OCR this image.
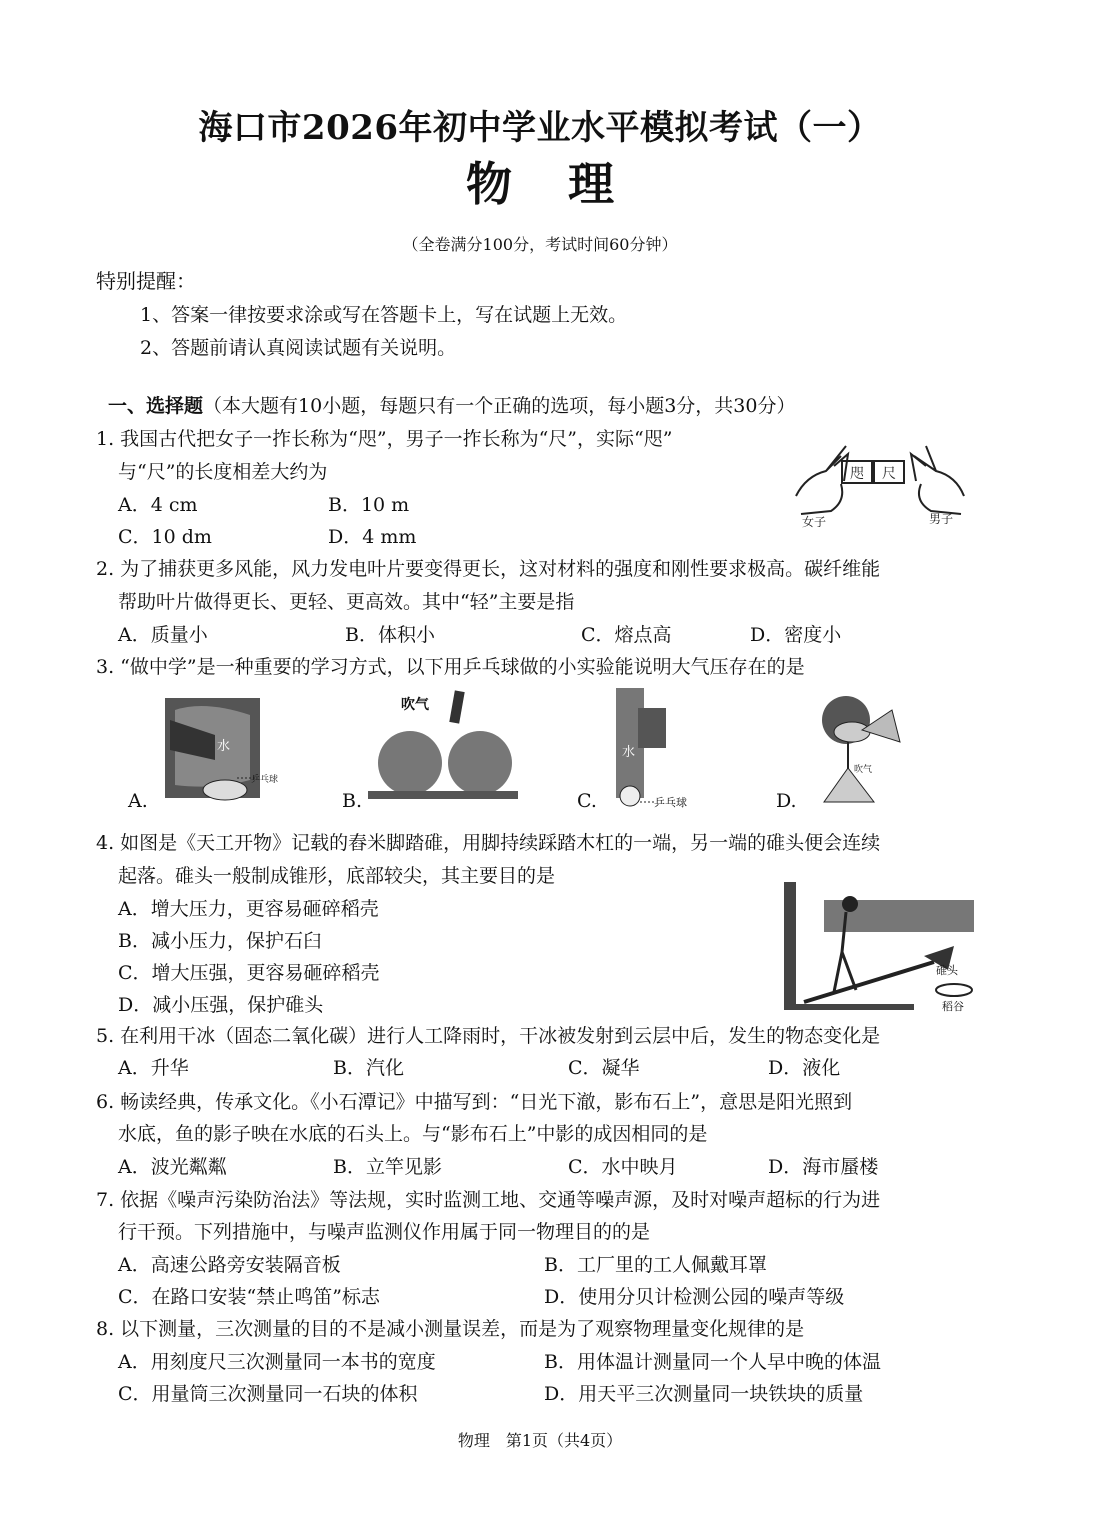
海口市2026年初中学业水平模拟考试（一）
物 理
（全卷满分100分，考试时间60分钟）
特别提醒：
1、答案一律按要求涂或写在答题卡上，写在试题上无效。
2、答题前请认真阅读试题有关说明。
一、选择题（本大题有10小题，每题只有一个正确的选项，每小题3分，共30分）
1. 我国古代把女子一拃长称为“咫”，男子一拃长称为“尺”，实际“咫”
与“尺”的长度相差大约为
A．4 cm	B．10 m
C．10 dm	D．4 mm
咫 尺
女子	男子
2. 为了捕获更多风能，风力发电叶片要变得更长，这对材料的强度和刚性要求极高。碳纤维能
帮助叶片做得更长、更轻、更高效。其中“轻”主要是指
A．质量小	B．体积小	C．熔点高	D．密度小
3. “做中学”是一种重要的学习方式，以下用乒乓球做的小实验能说明大气压存在的是
A.
水
乒乓球
B.
吹气
C.
水
乒乓球	D.
吹气
4. 如图是《天工开物》记载的舂米脚踏碓，用脚持续踩踏木杠的一端，另一端的碓头便会连续
起落。碓头一般制成锥形，底部较尖，其主要目的是
A．增大压力，更容易砸碎稻壳
B．减小压力，保护石臼
C．增大压强，更容易砸碎稻壳
D．减小压强，保护碓头
碓头
稻谷
5. 在利用干冰（固态二氧化碳）进行人工降雨时，干冰被发射到云层中后，发生的物态变化是
A．升华	B．汽化	C．凝华	D．液化
6. 畅读经典，传承文化。《小石潭记》中描写到：“日光下澈，影布石上”，意思是阳光照到
水底，鱼的影子映在水底的石头上。与“影布石上”中影的成因相同的是
A．波光粼粼	B．立竿见影	C．水中映月	D．海市蜃楼
7. 依据《噪声污染防治法》等法规，实时监测工地、交通等噪声源，及时对噪声超标的行为进
行干预。下列措施中，与噪声监测仪作用属于同一物理目的的是
A．高速公路旁安装隔音板	B．工厂里的工人佩戴耳罩
C．在路口安装“禁止鸣笛”标志	D．使用分贝计检测公园的噪声等级
8. 以下测量，三次测量的目的不是减小测量误差，而是为了观察物理量变化规律的是
A．用刻度尺三次测量同一本书的宽度	B．用体温计测量同一个人早中晚的体温
C．用量筒三次测量同一石块的体积	D．用天平三次测量同一块铁块的质量
物理　第1页（共4页）
